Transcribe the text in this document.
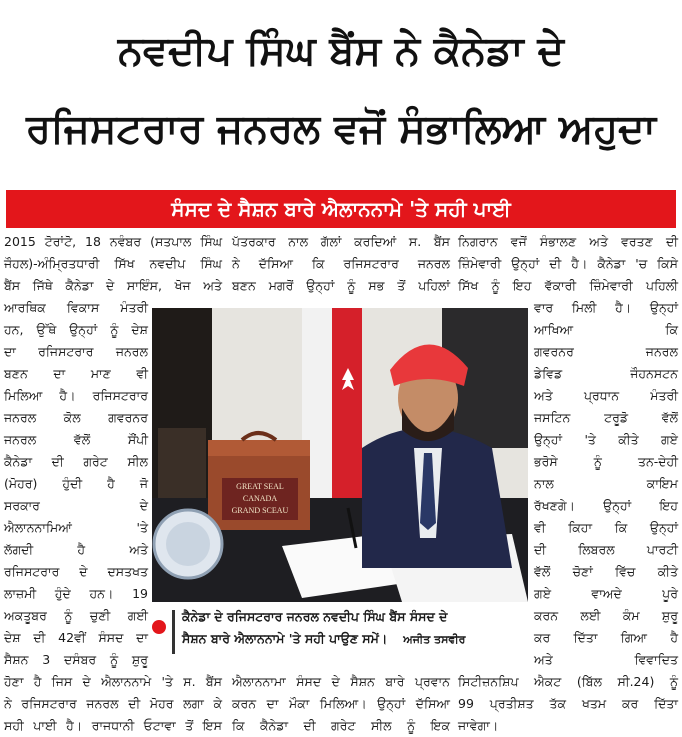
ਨਵਦੀਪ ਸਿੰਘ ਬੈਂਸ ਨੇ ਕੈਨੇਡਾ ਦੇ
ਰਜਿਸਟਰਾਰ ਜਨਰਲ ਵਜੋਂ ਸੰਭਾਲਿਆ ਅਹੁਦਾ
ਸੰਸਦ ਦੇ ਸੈਸ਼ਨ ਬਾਰੇ ਐਲਾਨਨਾਮੇ 'ਤੇ ਸਹੀ ਪਾਈ
2015 ਟੋਰਾਂਟੋ, 18 ਨਵੰਬਰ (ਸਤਪਾਲ ਸਿੰਘ
ਜੌਹਲ)-ਅੰਮ੍ਰਿਤਧਾਰੀ ਸਿੱਖ ਨਵਦੀਪ ਸਿੰਘ
ਬੈਂਸ ਜਿੱਥੇ ਕੈਨੇਡਾ ਦੇ ਸਾਇੰਸ, ਖੋਜ ਅਤੇ
ਪੱਤਰਕਾਰ ਨਾਲ ਗੱਲਾਂ ਕਰਦਿਆਂ ਸ. ਬੈਂਸ
ਨੇ ਦੱਸਿਆ ਕਿ ਰਜਿਸਟਰਾਰ ਜਨਰਲ
ਬਣਨ ਮਗਰੋਂ ਉਨ੍ਹਾਂ ਨੂੰ ਸਭ ਤੋਂ ਪਹਿਲਾਂ
ਨਿਗਰਾਨ ਵਜੋਂ ਸੰਭਾਲਣ ਅਤੇ ਵਰਤਣ ਦੀ
ਜ਼ਿੰਮੇਵਾਰੀ ਉਨ੍ਹਾਂ ਦੀ ਹੈ। ਕੈਨੇਡਾ 'ਚ ਕਿਸੇ
ਸਿੱਖ ਨੂੰ ਇਹ ਵੱਕਾਰੀ ਜ਼ਿੰਮੇਵਾਰੀ ਪਹਿਲੀ
ਆਰਥਿਕ ਵਿਕਾਸ ਮੰਤਰੀ
ਹਨ, ਉੱਥੇ ਉਨ੍ਹਾਂ ਨੂੰ ਦੇਸ਼
ਦਾ ਰਜਿਸਟਰਾਰ ਜਨਰਲ
ਬਣਨ ਦਾ ਮਾਣ ਵੀ
ਮਿਲਿਆ ਹੈ। ਰਜਿਸਟਰਾਰ
ਜਨਰਲ ਕੋਲ ਗਵਰਨਰ
ਜਨਰਲ ਵੱਲੋਂ ਸੌਂਪੀ
ਕੈਨੇਡਾ ਦੀ ਗਰੇਟ ਸੀਲ
(ਮੋਹਰ) ਹੁੰਦੀ ਹੈ ਜੋ
ਸਰਕਾਰ ਦੇ
ਐਲਾਨਨਾਮਿਆਂ 'ਤੇ
ਲੱਗਦੀ ਹੈ ਅਤੇ
ਰਜਿਸਟਰਾਰ ਦੇ ਦਸਤਖਤ
ਲਾਜ਼ਮੀ ਹੁੰਦੇ ਹਨ। 19
ਅਕਤੂਬਰ ਨੂੰ ਚੁਣੀ ਗਈ
ਦੇਸ਼ ਦੀ 42ਵੀਂ ਸੰਸਦ ਦਾ
ਸੈਸ਼ਨ 3 ਦਸੰਬਰ ਨੂੰ ਸ਼ੁਰੂ
ਵਾਰ ਮਿਲੀ ਹੈ। ਉਨ੍ਹਾਂ
ਆਖਿਆ ਕਿ
ਗਵਰਨਰ ਜਨਰਲ
ਡੇਵਿਡ ਜੌਹਨਸਟਨ
ਅਤੇ ਪ੍ਰਧਾਨ ਮੰਤਰੀ
ਜਸਟਿਨ ਟਰੂਡੋ ਵੱਲੋਂ
ਉਨ੍ਹਾਂ 'ਤੇ ਕੀਤੇ ਗਏ
ਭਰੋਸੇ ਨੂੰ ਤਨ-ਦੇਹੀ
ਨਾਲ ਕਾਇਮ
ਰੱਖਣਗੇ। ਉਨ੍ਹਾਂ ਇਹ
ਵੀ ਕਿਹਾ ਕਿ ਉਨ੍ਹਾਂ
ਦੀ ਲਿਬਰਲ ਪਾਰਟੀ
ਵੱਲੋਂ ਚੋਣਾਂ ਵਿੱਚ ਕੀਤੇ
ਗਏ ਵਾਅਦੇ ਪੂਰੇ
ਕਰਨ ਲਈ ਕੰਮ ਸ਼ੁਰੂ
ਕਰ ਦਿੱਤਾ ਗਿਆ ਹੈ
ਅਤੇ ਵਿਵਾਦਿਤ
ਹੋਣਾ ਹੈ ਜਿਸ ਦੇ ਐਲਾਨਨਾਮੇ 'ਤੇ ਸ. ਬੈਂਸ
ਨੇ ਰਜਿਸਟਰਾਰ ਜਨਰਲ ਦੀ ਮੋਹਰ ਲਗਾ ਕੇ
ਸਹੀ ਪਾਈ ਹੈ। ਰਾਜਧਾਨੀ ਓਟਾਵਾ ਤੋਂ ਇਸ
ਐਲਾਨਨਾਮਾ ਸੰਸਦ ਦੇ ਸੈਸ਼ਨ ਬਾਰੇ ਪ੍ਰਵਾਨ
ਕਰਨ ਦਾ ਮੌਕਾ ਮਿਲਿਆ। ਉਨ੍ਹਾਂ ਦੱਸਿਆ
ਕਿ ਕੈਨੇਡਾ ਦੀ ਗਰੇਟ ਸੀਲ ਨੂੰ ਇਕ
ਸਿਟੀਜ਼ਨਸ਼ਿਪ ਐਕਟ (ਬਿੱਲ ਸੀ.24) ਨੂੰ
99 ਪ੍ਰਤੀਸ਼ਤ ਤੱਕ ਖਤਮ ਕਰ ਦਿੱਤਾ
ਜਾਵੇਗਾ।
GREAT SEAL
CANADA
GRAND SCEAU
ਕੈਨੇਡਾ ਦੇ ਰਜਿਸਟਰਾਰ ਜਨਰਲ ਨਵਦੀਪ ਸਿੰਘ ਬੈਂਸ ਸੰਸਦ ਦੇ
ਸੈਸ਼ਨ ਬਾਰੇ ਐਲਾਨਨਾਮੇ 'ਤੇ ਸਹੀ ਪਾਉਣ ਸਮੇਂ। ਅਜੀਤ ਤਸਵੀਰ
